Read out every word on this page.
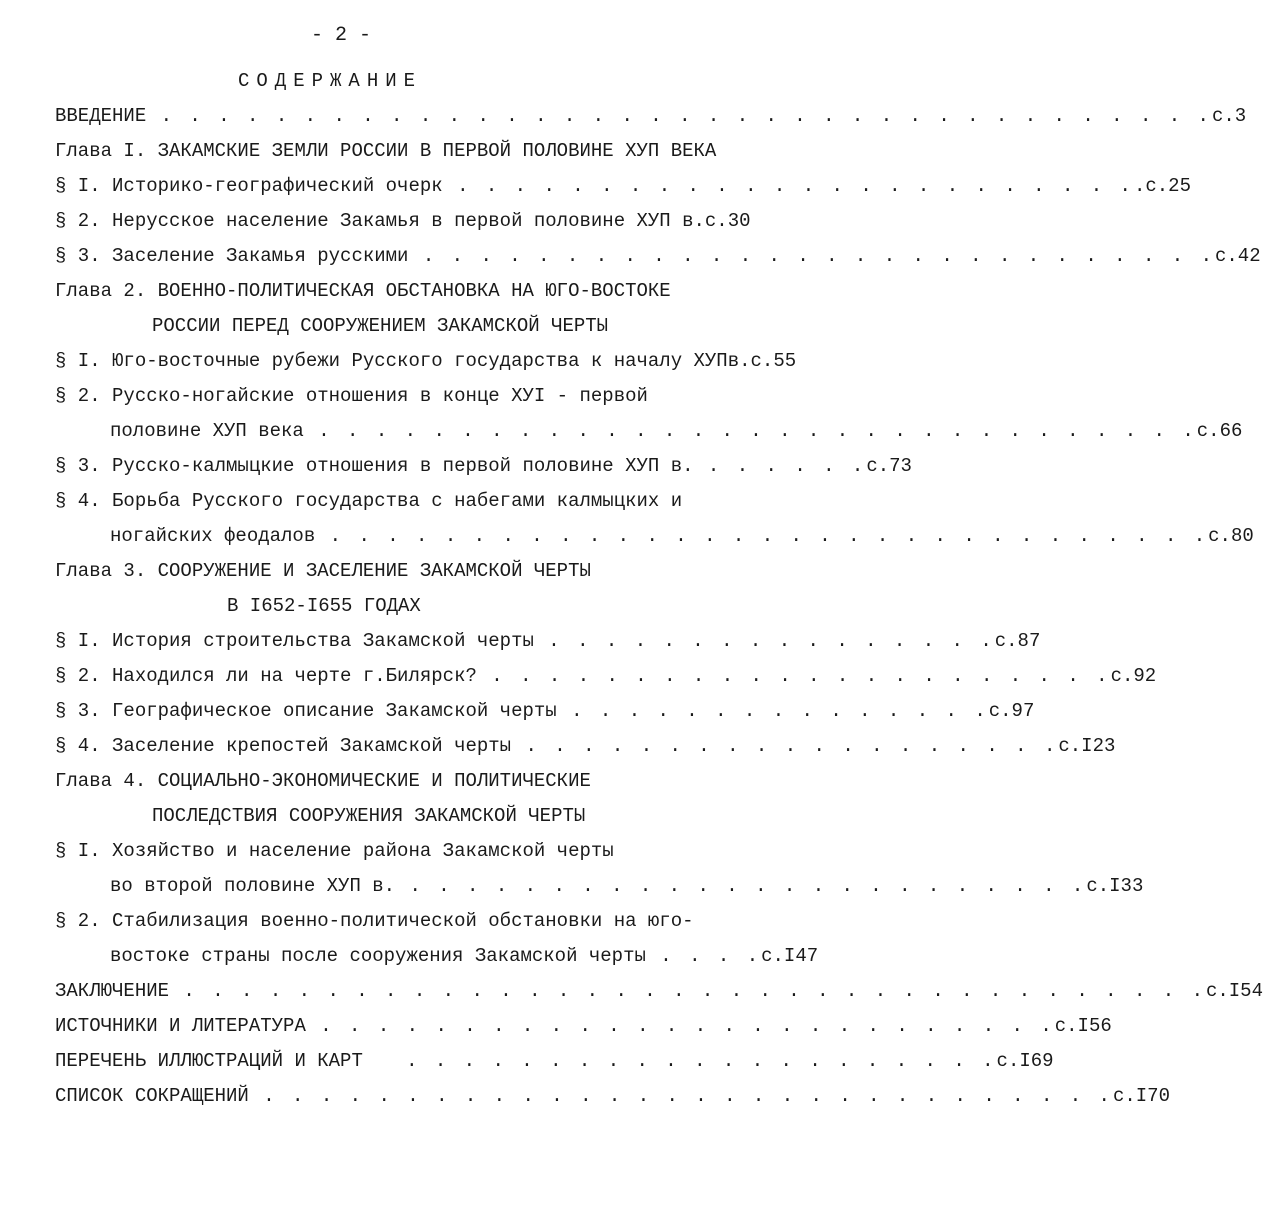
- 2 -
СОДЕРЖАНИЕ
ВВЕДЕНИЕ . . . . . . . . . . . . . . . . . . . . . . . . . . . . . . . . . . . . . с.3
Глава I. ЗАКАМСКИЕ ЗЕМЛИ РОССИИ В ПЕРВОЙ ПОЛОВИНЕ ХУП ВЕКА
§ I. Историко-географический очерк . . . . . . . . . . . . . . . . . . . . . . . . .с.25
§ 2. Нерусское население Закамья в первой половине ХУП в. с.30
§ 3. Заселение Закамья русскими . . . . . . . . . . . . . . . . . . . . . . . . . . . . с.42
Глава 2. ВОЕННО-ПОЛИТИЧЕСКАЯ ОБСТАНОВКА НА ЮГО-ВОСТОКЕ
РОССИИ ПЕРЕД СООРУЖЕНИЕМ ЗАКАМСКОЙ ЧЕРТЫ
§ I. Юго-восточные рубежи Русского государства к началу ХУПв. с.55
§ 2. Русско-ногайские отношения в конце ХУI - первой
половине ХУП века . . . . . . . . . . . . . . . . . . . . . . . . . . . . . . . с.66
§ 3. Русско-калмыцкие отношения в первой половине ХУП в. . . . . . . с.73
§ 4. Борьба Русского государства с набегами калмыцких и
ногайских феодалов . . . . . . . . . . . . . . . . . . . . . . . . . . . . . . . с.80
Глава 3. СООРУЖЕНИЕ И ЗАСЕЛЕНИЕ ЗАКАМСКОЙ ЧЕРТЫ
В I652-I655 ГОДАХ
§ I. История строительства Закамской черты . . . . . . . . . . . . . . . . с.87
§ 2. Находился ли на черте г.Билярск? . . . . . . . . . . . . . . . . . . . . . . с.92
§ 3. Географическое описание Закамской черты . . . . . . . . . . . . . . . с.97
§ 4. Заселение крепостей Закамской черты . . . . . . . . . . . . . . . . . . . с.I23
Глава 4. СОЦИАЛЬНО-ЭКОНОМИЧЕСКИЕ И ПОЛИТИЧЕСКИЕ
ПОСЛЕДСТВИЯ СООРУЖЕНИЯ ЗАКАМСКОЙ ЧЕРТЫ
§ I. Хозяйство и население района Закамской черты
во второй половине ХУП в. . . . . . . . . . . . . . . . . . . . . . . . . с.I33
§ 2. Стабилизация военно-политической обстановки на юго-
востоке страны после сооружения Закамской черты . . . . с.I47
ЗАКЛЮЧЕНИЕ . . . . . . . . . . . . . . . . . . . . . . . . . . . . . . . . . . . . с.I54
ИСТОЧНИКИ И ЛИТЕРАТУРА . . . . . . . . . . . . . . . . . . . . . . . . . . с.I56
ПЕРЕЧЕНЬ ИЛЛЮСТРАЦИЙ И КАРТ . . . . . . . . . . . . . . . . . . . . . с.I69
СПИСОК СОКРАЩЕНИЙ . . . . . . . . . . . . . . . . . . . . . . . . . . . . . . с.I70
